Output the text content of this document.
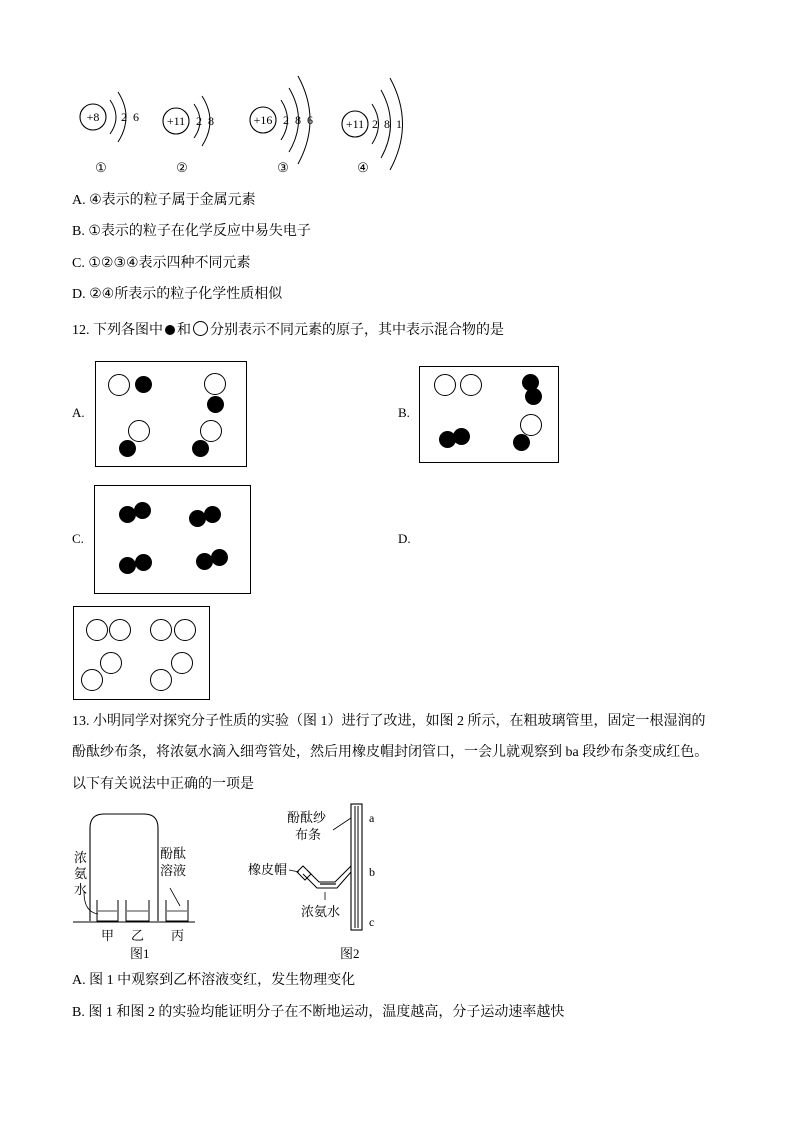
+8 2  6
①
+11 2  8
②
+16 2  8  6
③
+11 2  8  1
④
A. ④表示的粒子属于金属元素
B. ①表示的粒子在化学反应中易失电子
C. ①②③④表示四种不同元素
D. ②④所表示的粒子化学性质相似
12. 下列各图中 和 分别表示不同元素的原子，其中表示混合物的是
A.	B.
C.	D.
13. 小明同学对探究分子性质的实验（图 1）进行了改进，如图 2 所示，在粗玻璃管里，固定一根湿润的
酚酞纱布条，将浓氨水滴入细弯管处，然后用橡皮帽封闭管口，一会儿就观察到 ba 段纱布条变成红色。
以下有关说法中正确的一项是
浓
氨
水
酚酞
溶液
甲 乙 丙
图1
酚酞纱
布条
橡皮帽
浓氨水
a
b
c
图2
A. 图 1 中观察到乙杯溶液变红，发生物理变化
B. 图 1 和图 2 的实验均能证明分子在不断地运动，温度越高，分子运动速率越快
